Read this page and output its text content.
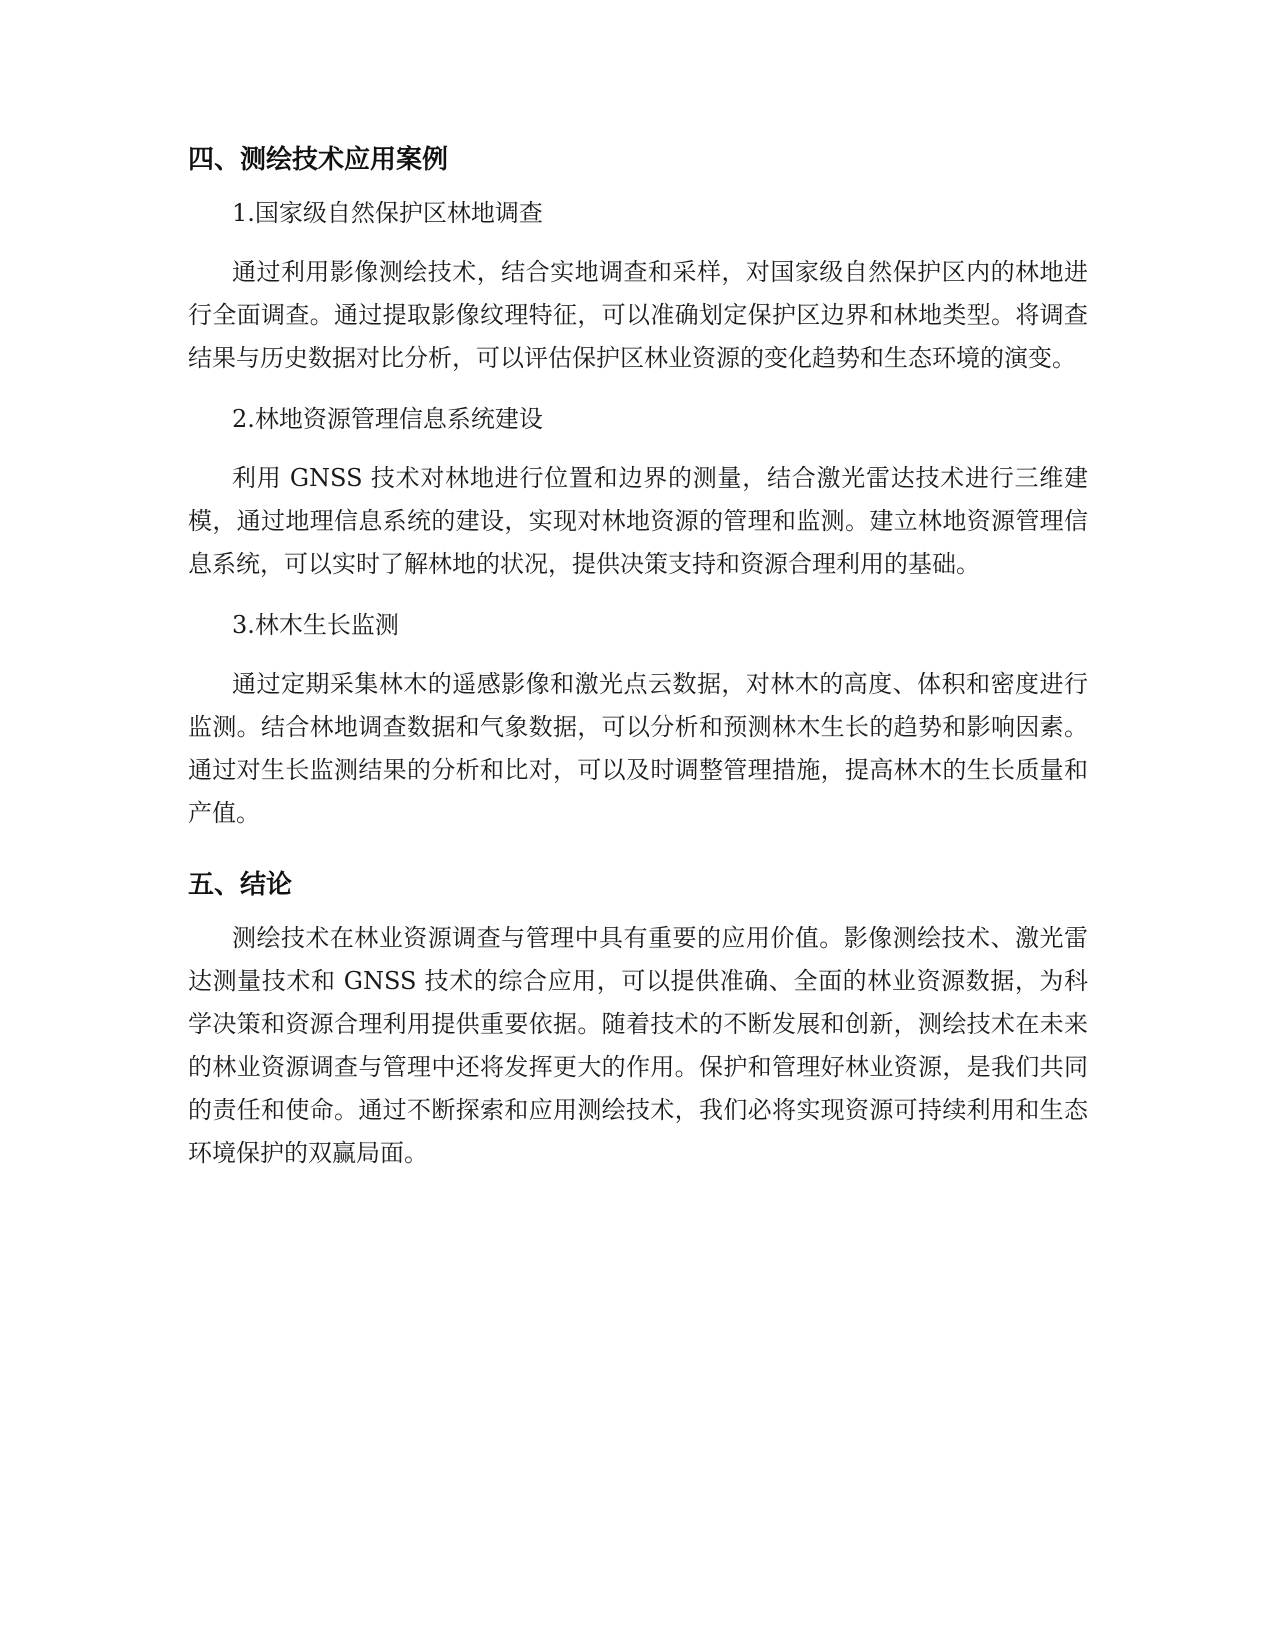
四、测绘技术应用案例

1.国家级自然保护区林地调查

通过利用影像测绘技术，结合实地调查和采样，对国家级自然保护区内的林地进行全面调查。通过提取影像纹理特征，可以准确划定保护区边界和林地类型。将调查结果与历史数据对比分析，可以评估保护区林业资源的变化趋势和生态环境的演变。

2.林地资源管理信息系统建设

利用 GNSS 技术对林地进行位置和边界的测量，结合激光雷达技术进行三维建模，通过地理信息系统的建设，实现对林地资源的管理和监测。建立林地资源管理信息系统，可以实时了解林地的状况，提供决策支持和资源合理利用的基础。

3.林木生长监测

通过定期采集林木的遥感影像和激光点云数据，对林木的高度、体积和密度进行监测。结合林地调查数据和气象数据，可以分析和预测林木生长的趋势和影响因素。通过对生长监测结果的分析和比对，可以及时调整管理措施，提高林木的生长质量和产值。

五、结论

测绘技术在林业资源调查与管理中具有重要的应用价值。影像测绘技术、激光雷达测量技术和 GNSS 技术的综合应用，可以提供准确、全面的林业资源数据，为科学决策和资源合理利用提供重要依据。随着技术的不断发展和创新，测绘技术在未来的林业资源调查与管理中还将发挥更大的作用。保护和管理好林业资源，是我们共同的责任和使命。通过不断探索和应用测绘技术，我们必将实现资源可持续利用和生态环境保护的双赢局面。
